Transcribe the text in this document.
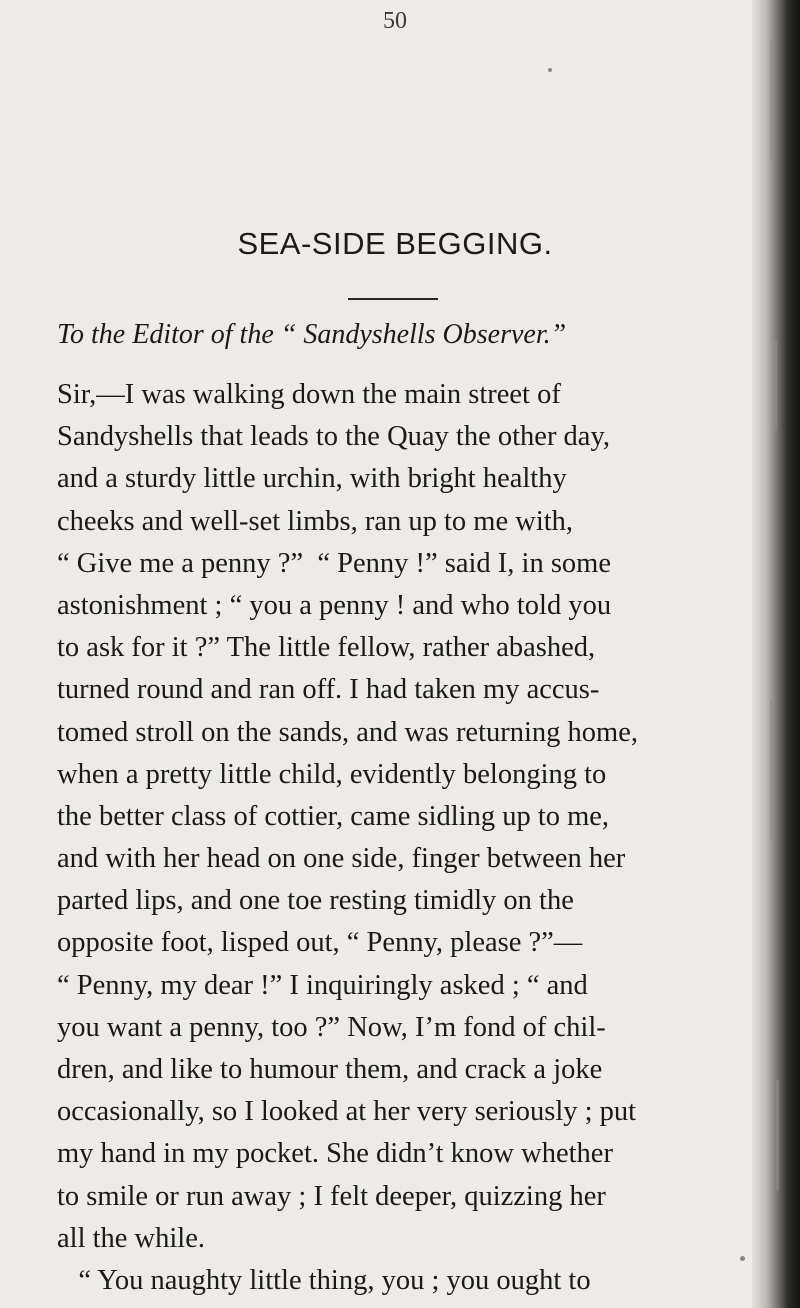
50
SEA-SIDE BEGGING.
To the Editor of the “ Sandyshells Observer.”
Sir,—I was walking down the main street of
Sandyshells that leads to the Quay the other day,
and a sturdy little urchin, with bright healthy
cheeks and well-set limbs, ran up to me with,
“ Give me a penny ?”  “ Penny !” said I, in some
astonishment ; “ you a penny ! and who told you
to ask for it ?” The little fellow, rather abashed,
turned round and ran off. I had taken my accus-
tomed stroll on the sands, and was returning home,
when a pretty little child, evidently belonging to
the better class of cottier, came sidling up to me,
and with her head on one side, finger between her
parted lips, and one toe resting timidly on the
opposite foot, lisped out, “ Penny, please ?”—
“ Penny, my dear !” I inquiringly asked ; “ and
you want a penny, too ?” Now, I’m fond of chil-
dren, and like to humour them, and crack a joke
occasionally, so I looked at her very seriously ; put
my hand in my pocket. She didn’t know whether
to smile or run away ; I felt deeper, quizzing her
all the while.
“ You naughty little thing, you ; you ought to
